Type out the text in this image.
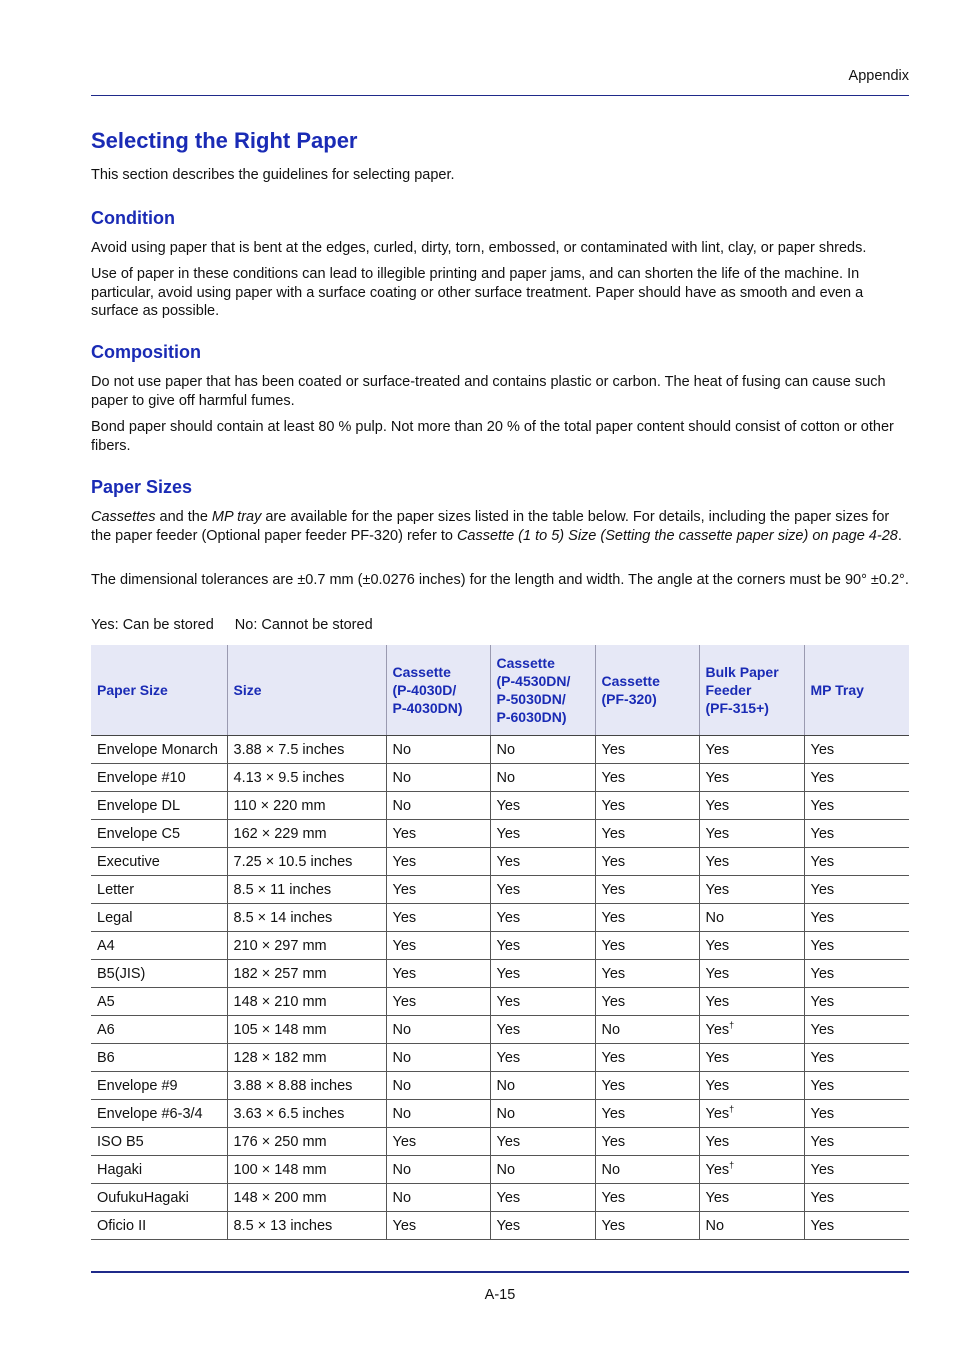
Appendix
Selecting the Right Paper

This section describes the guidelines for selecting paper.

Condition

Avoid using paper that is bent at the edges, curled, dirty, torn, embossed, or contaminated with lint, clay, or paper shreds.

Use of paper in these conditions can lead to illegible printing and paper jams, and can shorten the life of the machine. In particular, avoid using paper with a surface coating or other surface treatment. Paper should have as smooth and even a surface as possible.

Composition

Do not use paper that has been coated or surface-treated and contains plastic or carbon. The heat of fusing can cause such paper to give off harmful fumes.

Bond paper should contain at least 80 % pulp. Not more than 20 % of the total paper content should consist of cotton or other fibers.

Paper Sizes

Cassettes and the MP tray are available for the paper sizes listed in the table below. For details, including the paper sizes for the paper feeder (Optional paper feeder PF-320) refer to Cassette (1 to 5) Size (Setting the cassette paper size) on page 4-28.

The dimensional tolerances are ±0.7 mm (±0.0276 inches) for the length and width. The angle at the corners must be 90° ±0.2°.

Yes: Can be stored No: Cannot be stored

Paper Size	Size	Cassette
(P-4030D/
P-4030DN)	Cassette
(P-4530DN/
P-5030DN/
P-6030DN)	Cassette
(PF-320)	Bulk Paper
Feeder
(PF-315+)	MP Tray
Envelope Monarch	3.88 × 7.5 inches	No	No	Yes	Yes	Yes
Envelope #10	4.13 × 9.5 inches	No	No	Yes	Yes	Yes
Envelope DL	110 × 220 mm	No	Yes	Yes	Yes	Yes
Envelope C5	162 × 229 mm	Yes	Yes	Yes	Yes	Yes
Executive	7.25 × 10.5 inches	Yes	Yes	Yes	Yes	Yes
Letter	8.5 × 11 inches	Yes	Yes	Yes	Yes	Yes
Legal	8.5 × 14 inches	Yes	Yes	Yes	No	Yes
A4	210 × 297 mm	Yes	Yes	Yes	Yes	Yes
B5(JIS)	182 × 257 mm	Yes	Yes	Yes	Yes	Yes
A5	148 × 210 mm	Yes	Yes	Yes	Yes	Yes
A6	105 × 148 mm	No	Yes	No	Yes†	Yes
B6	128 × 182 mm	No	Yes	Yes	Yes	Yes
Envelope #9	3.88 × 8.88 inches	No	No	Yes	Yes	Yes
Envelope #6-3/4	3.63 × 6.5 inches	No	No	Yes	Yes†	Yes
ISO B5	176 × 250 mm	Yes	Yes	Yes	Yes	Yes
Hagaki	100 × 148 mm	No	No	No	Yes†	Yes
OufukuHagaki	148 × 200 mm	No	Yes	Yes	Yes	Yes
Oficio II	8.5 × 13 inches	Yes	Yes	Yes	No	Yes
A-15
